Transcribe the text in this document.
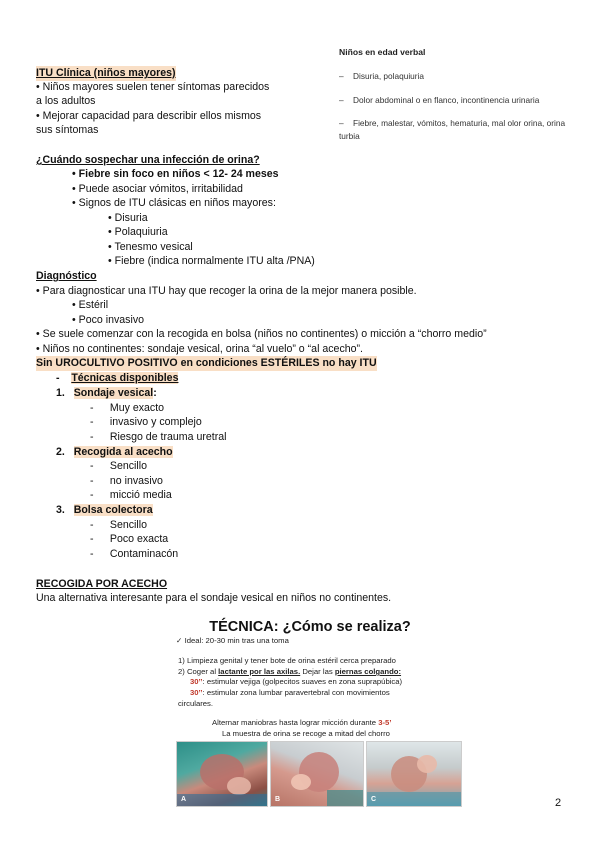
Niños en edad verbal
– Disuria, polaquiuria
– Dolor abdominal o en flanco, incontinencia urinaria
– Fiebre, malestar, vómitos, hematuria, mal olor orina, orina
turbia
ITU Clínica (niños mayores)
• Niños mayores suelen tener síntomas parecidos
a los adultos
• Mejorar capacidad para describir ellos mismos
sus síntomas
¿Cuándo sospechar una infección de orina?
• Fiebre sin foco en niños < 12- 24 meses
• Puede asociar vómitos, irritabilidad
• Signos de ITU clásicas en niños mayores:
• Disuria
• Polaquiuria
• Tenesmo vesical
• Fiebre (indica normalmente ITU alta /PNA)
Diagnóstico
• Para diagnosticar una ITU hay que recoger la orina de la mejor manera posible.
• Estéril
• Poco invasivo
• Se suele comenzar con la recogida en bolsa (niños no continentes) o micción a “chorro medio”
• Niños no continentes: sondaje vesical, orina “al vuelo” o “al acecho”.
Sin UROCULTIVO POSITIVO en condiciones ESTÉRILES no hay ITU
- Técnicas disponibles
1. Sondaje vesical:
- Muy exacto
- invasivo y complejo
- Riesgo de trauma uretral
2. Recogida al acecho
- Sencillo
- no invasivo
- micció media
3. Bolsa colectora
- Sencillo
- Poco exacta
- Contaminacón
RECOGIDA POR ACECHO
Una alternativa interesante para el sondaje vesical en niños no continentes.
TÉCNICA: ¿Cómo se realiza?
✓ Ideal: 20-30 min tras una toma
1) Limpieza genital y tener bote de orina estéril cerca preparado
2) Coger al lactante por las axilas. Dejar las piernas colgando:
30’’: estimular vejiga (golpecitos suaves en zona suprapúbica)
30’’: estimular zona lumbar paravertebral con movimientos
circulares.
Alternar maniobras hasta lograr micción durante 3-5’
La muestra de orina se recoge a mitad del chorro
A	B	C	2
